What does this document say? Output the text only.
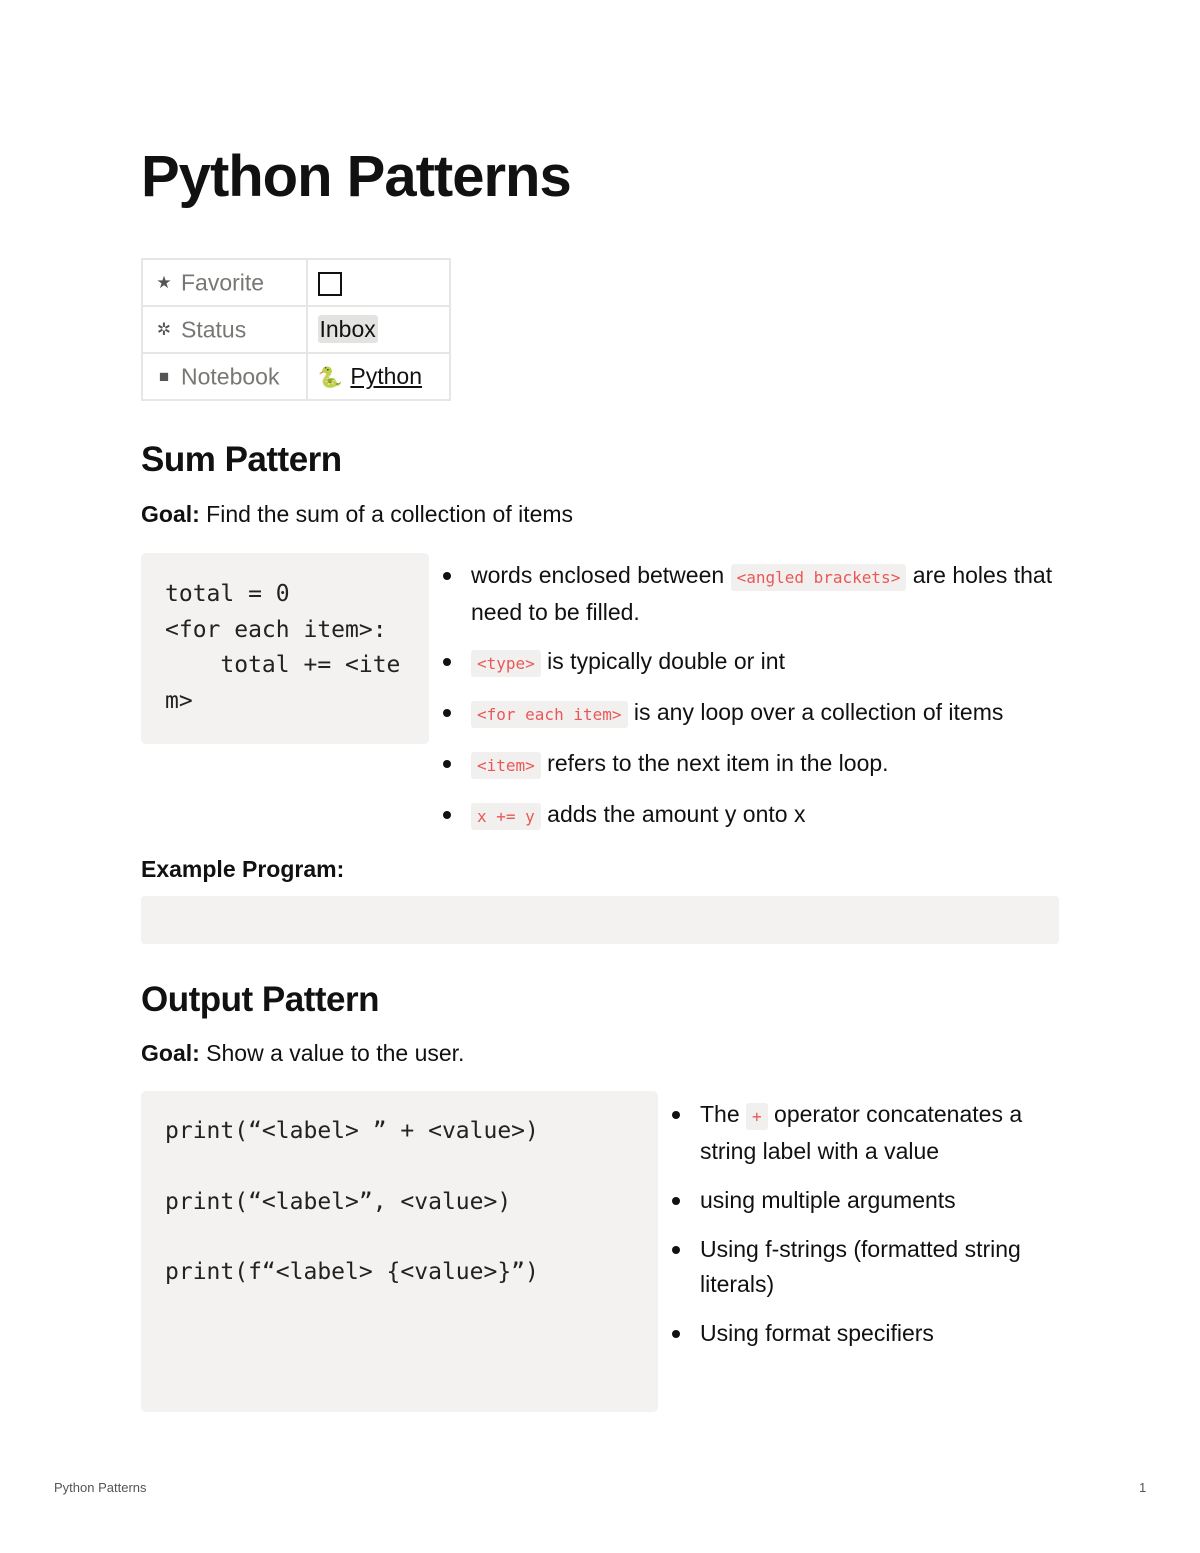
Python Patterns
★ Favorite	
✲ Status	Inbox
■ Notebook	🐍 Python
Sum Pattern

Goal: Find the sum of a collection of items

total = 0
<for each item>:
total += <item>
words enclosed between <angled brackets> are holes that need to be filled.
<type> is typically double or int
<for each item> is any loop over a collection of items
<item> refers to the next item in the loop.
x += y adds the amount y onto x

Example Program:

Output Pattern

Goal: Show a value to the user.

print(“<label> ” + <value>)

print(“<label>”, <value>)

print(f“<label> {<value>}”)
The + operator concatenates a string label with a value
using multiple arguments
Using f-strings (formatted string literals)
Using format specifiers
Python Patterns	1
